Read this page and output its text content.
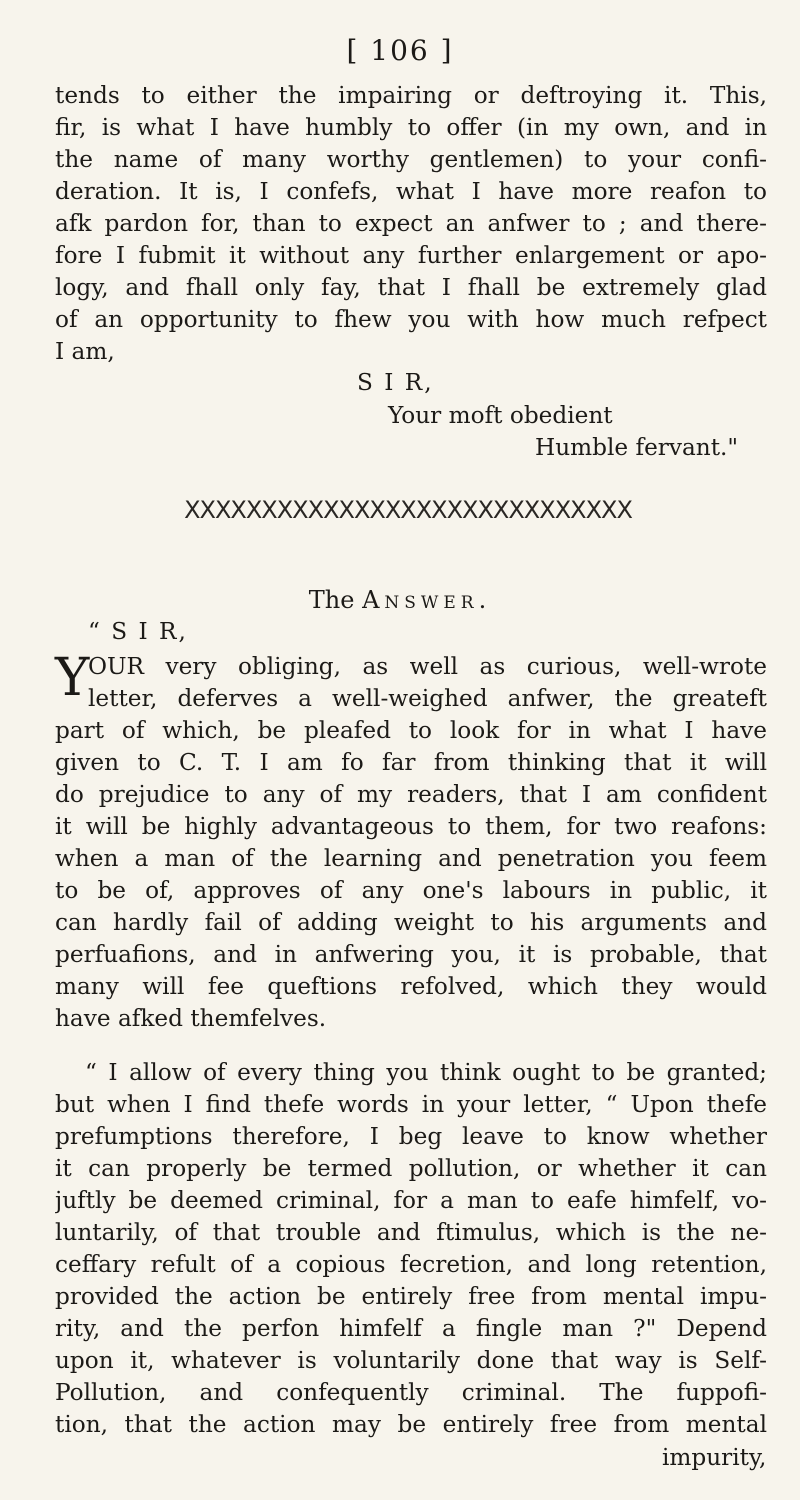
[ 106 ]
tends to either the impairing or deftroying it. This,
fir, is what I have humbly to offer (in my own, and in
the name of many worthy gentlemen) to your confi-
deration. It is, I confefs, what I have more reafon to
afk pardon for, than to expect an anfwer to ; and there-
fore I fubmit it without any further enlargement or apo-
logy, and fhall only fay, that I fhall be extremely glad
of an opportunity to fhew you with how much refpect
I am,
S I R,
Your moft obedient
Humble fervant."
XXXXXXXXXXXXXXXXXXXXXXXXXXXXX
The Answer.
“ S I R,
Y
OUR very obliging, as well as curious, well-wrote
letter, deferves a well-weighed anfwer, the greateft
part of which, be pleafed to look for in what I have
given to C. T. I am fo far from thinking that it will
do prejudice to any of my readers, that I am confident
it will be highly advantageous to them, for two reafons:
when a man of the learning and penetration you feem
to be of, approves of any one's labours in public, it
can hardly fail of adding weight to his arguments and
perfuafions, and in anfwering you, it is probable, that
many will fee queftions refolved, which they would
have afked themfelves.
“ I allow of every thing you think ought to be granted;
but when I find thefe words in your letter, “ Upon thefe
prefumptions therefore, I beg leave to know whether
it can properly be termed pollution, or whether it can
juftly be deemed criminal, for a man to eafe himfelf, vo-
luntarily, of that trouble and ftimulus, which is the ne-
ceffary refult of a copious fecretion, and long retention,
provided the action be entirely free from mental impu-
rity, and the perfon himfelf a fingle man ?" Depend
upon it, whatever is voluntarily done that way is Self-
Pollution, and confequently criminal. The fuppofi-
tion, that the action may be entirely free from mental
impurity,
